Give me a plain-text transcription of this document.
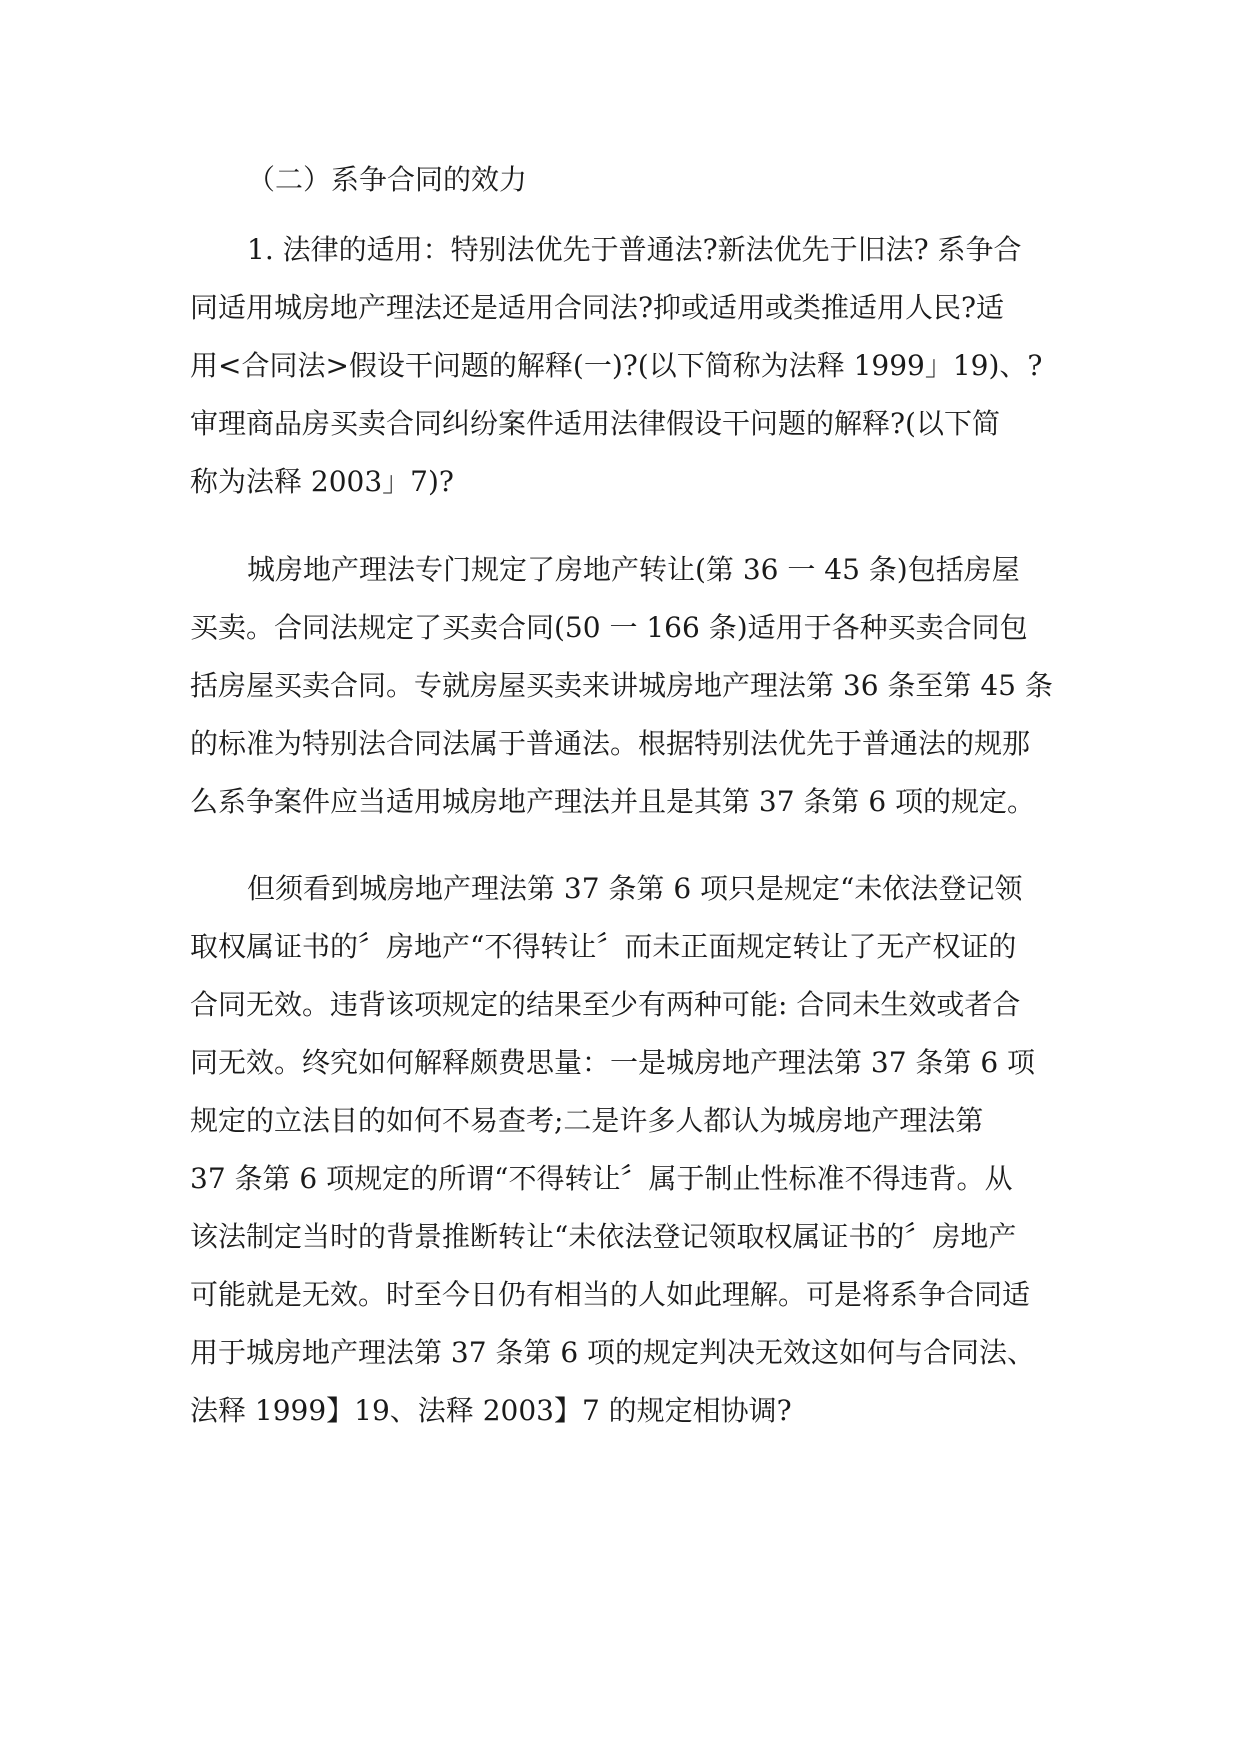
（二）系争合同的效力
1. 法律的适用：特别法优先于普通法?新法优先于旧法? 系争合
同适用城房地产理法还是适用合同法?抑或适用或类推适用人民?适
用<合同法>假设干问题的解释(一)?(以下简称为法释 1999」19)、?
审理商品房买卖合同纠纷案件适用法律假设干问题的解释?(以下简
称为法释 2003」7)?
城房地产理法专门规定了房地产转让(第 36 一 45 条)包括房屋
买卖。合同法规定了买卖合同(50 一 166 条)适用于各种买卖合同包
括房屋买卖合同。专就房屋买卖来讲城房地产理法第 36 条至第 45 条
的标准为特别法合同法属于普通法。根据特别法优先于普通法的规那
么系争案件应当适用城房地产理法并且是其第 37 条第 6 项的规定。
但须看到城房地产理法第 37 条第 6 项只是规定“未依法登记领
取权属证书的〞房地产“不得转让〞而未正面规定转让了无产权证的
合同无效。违背该项规定的结果至少有两种可能: 合同未生效或者合
同无效。终究如何解释颇费思量：一是城房地产理法第 37 条第 6 项
规定的立法目的如何不易查考;二是许多人都认为城房地产理法第
37 条第 6 项规定的所谓“不得转让〞属于制止性标准不得违背。从
该法制定当时的背景推断转让“未依法登记领取权属证书的〞房地产
可能就是无效。时至今日仍有相当的人如此理解。可是将系争合同适
用于城房地产理法第 37 条第 6 项的规定判决无效这如何与合同法、
法释 1999】19、法释 2003】7 的规定相协调?
